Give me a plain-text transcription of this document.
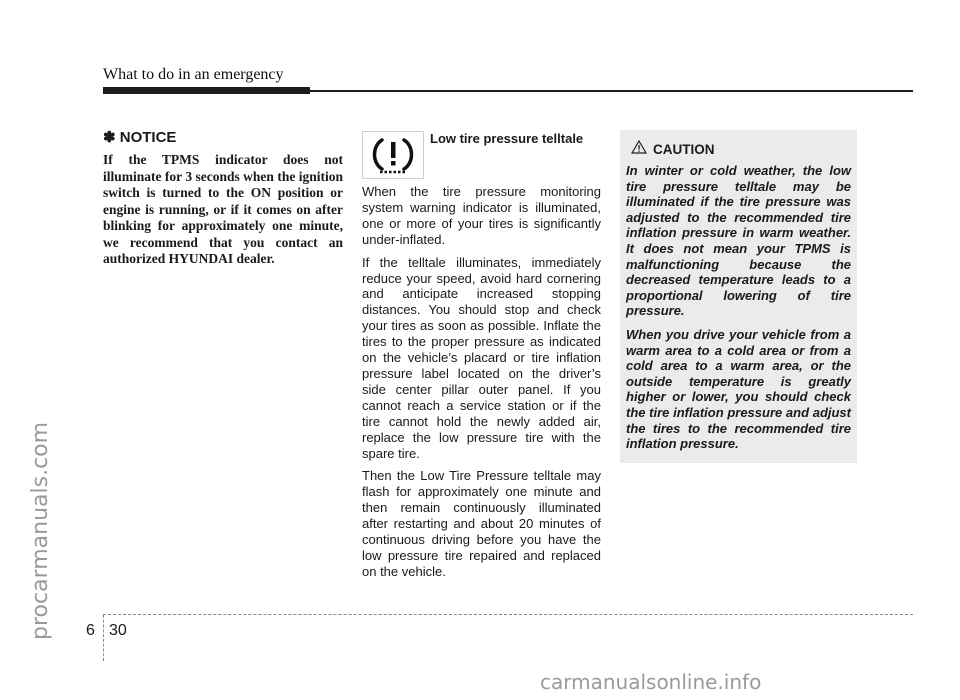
What to do in an emergency
procarmanuals.com
✽ NOTICE

If the TPMS indicator does not illuminate for 3 seconds when the ignition switch is turned to the ON position or engine is running, or if it comes on after blinking for approximately one minute, we recommend that you contact an authorized HYUNDAI dealer.

Low tire pressure telltale

When the tire pressure monitoring system warning indicator is illuminated, one or more of your tires is significantly under-inflated.

If the telltale illuminates, immediately reduce your speed, avoid hard cornering and anticipate increased stopping distances. You should stop and check your tires as soon as possible. Inflate the tires to the proper pressure as indicated on the vehicle’s placard or tire inflation pressure label located on the driver’s side center pillar outer panel. If you cannot reach a service station or if the tire cannot hold the newly added air, replace the low pressure tire with the spare tire.

Then the Low Tire Pressure telltale may flash for approximately one minute and then remain continuously illuminated after restarting and about 20 minutes of continuous driving before you have the low pressure tire repaired and replaced on the vehicle.

CAUTION

In winter or cold weather, the low tire pressure telltale may be illuminated if the tire pressure was adjusted to the recommended tire inflation pressure in warm weather. It does not mean your TPMS is malfunctioning because the decreased temperature leads to a proportional lowering of tire pressure.

When you drive your vehicle from a warm area to a cold area or from a cold area to a warm area, or the outside temperature is greatly higher or lower, you should check the tire inflation pressure and adjust the tires to the recommended tire inflation pressure.

6 30
carmanualsonline.info
